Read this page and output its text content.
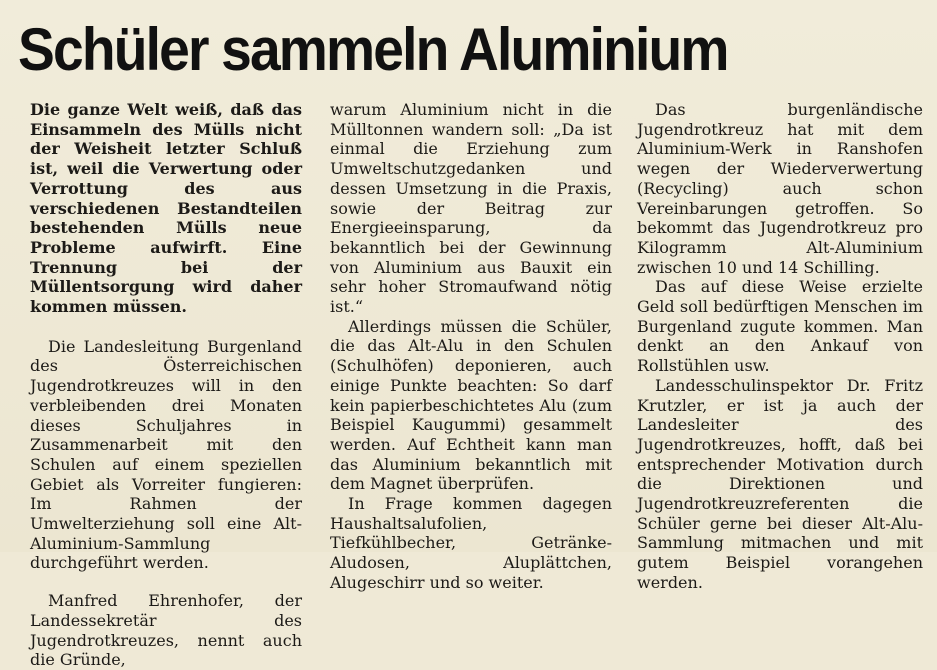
Schüler sammeln Aluminium

Die ganze Welt weiß, daß das Einsammeln des Mülls nicht der Weisheit letzter Schluß ist, weil die Verwertung oder Verrottung des aus verschiedenen Bestandteilen bestehenden Mülls neue Probleme aufwirft. Eine Trennung bei der Müllentsorgung wird daher kommen müssen.

Die Landesleitung Burgenland des Österreichischen Jugendrotkreuzes will in den verbleibenden drei Monaten dieses Schuljahres in Zusammenarbeit mit den Schulen auf einem speziellen Gebiet als Vorreiter fungieren: Im Rahmen der Umwelterziehung soll eine Alt-Aluminium-Sammlung durchgeführt werden.

Manfred Ehrenhofer, der Landessekretär des Jugendrotkreuzes, nennt auch die Gründe,

warum Aluminium nicht in die Mülltonnen wandern soll: „Da ist einmal die Erziehung zum Umweltschutzgedanken und dessen Umsetzung in die Praxis, sowie der Beitrag zur Energieeinsparung, da bekanntlich bei der Gewinnung von Aluminium aus Bauxit ein sehr hoher Stromaufwand nötig ist.“

Allerdings müssen die Schüler, die das Alt-Alu in den Schulen (Schulhöfen) deponieren, auch einige Punkte beachten: So darf kein papierbeschichtetes Alu (zum Beispiel Kaugummi) gesammelt werden. Auf Echtheit kann man das Aluminium bekanntlich mit dem Magnet überprüfen.

In Frage kommen dagegen Haushaltsalufolien, Tiefkühlbecher, Getränke-Aludosen, Aluplättchen, Alugeschirr und so weiter.

Das burgenländische Jugendrotkreuz hat mit dem Aluminium-Werk in Ranshofen wegen der Wiederverwertung (Recycling) auch schon Vereinbarungen getroffen. So bekommt das Jugendrotkreuz pro Kilogramm Alt-Aluminium zwischen 10 und 14 Schilling.

Das auf diese Weise erzielte Geld soll bedürftigen Menschen im Burgenland zugute kommen. Man denkt an den Ankauf von Rollstühlen usw.

Landesschulinspektor Dr. Fritz Krutzler, er ist ja auch der Landesleiter des Jugendrotkreuzes, hofft, daß bei entsprechender Motivation durch die Direktionen und Jugendrotkreuzreferenten die Schüler gerne bei dieser Alt-Alu-Sammlung mitmachen und mit gutem Beispiel vorangehen werden.
